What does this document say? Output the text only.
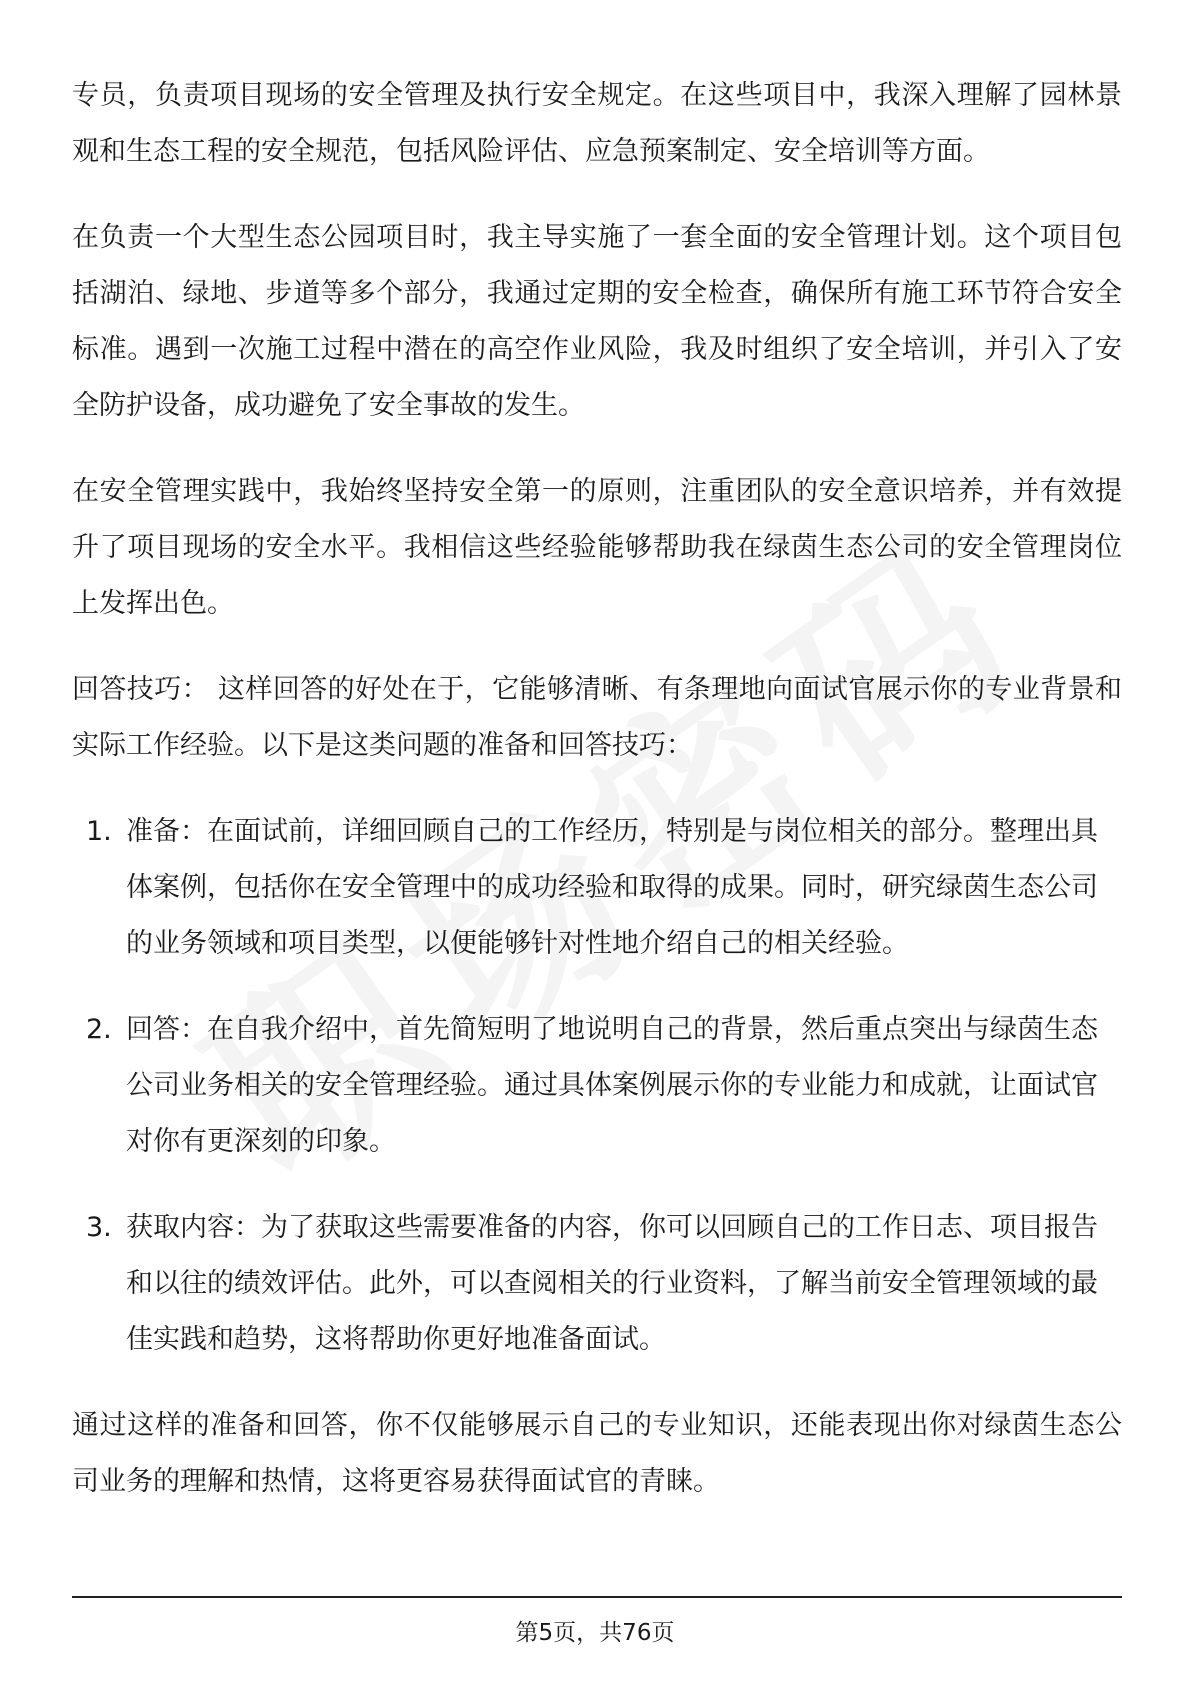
专员，负责项目现场的安全管理及执行安全规定。在这些项目中，我深入理解了园林景观和生态工程的安全规范，包括风险评估、应急预案制定、安全培训等方面。

在负责一个大型生态公园项目时，我主导实施了一套全面的安全管理计划。这个项目包括湖泊、绿地、步道等多个部分，我通过定期的安全检查，确保所有施工环节符合安全标准。遇到一次施工过程中潜在的高空作业风险，我及时组织了安全培训，并引入了安全防护设备，成功避免了安全事故的发生。

在安全管理实践中，我始终坚持安全第一的原则，注重团队的安全意识培养，并有效提升了项目现场的安全水平。我相信这些经验能够帮助我在绿茵生态公司的安全管理岗位上发挥出色。

回答技巧： 这样回答的好处在于，它能够清晰、有条理地向面试官展示你的专业背景和实际工作经验。以下是这类问题的准备和回答技巧：

1. 准备：在面试前，详细回顾自己的工作经历，特别是与岗位相关的部分。整理出具体案例，包括你在安全管理中的成功经验和取得的成果。同时，研究绿茵生态公司的业务领域和项目类型，以便能够针对性地介绍自己的相关经验。
2. 回答：在自我介绍中，首先简短明了地说明自己的背景，然后重点突出与绿茵生态公司业务相关的安全管理经验。通过具体案例展示你的专业能力和成就，让面试官对你有更深刻的印象。
3. 获取内容：为了获取这些需要准备的内容，你可以回顾自己的工作日志、项目报告和以往的绩效评估。此外，可以查阅相关的行业资料，了解当前安全管理领域的最佳实践和趋势，这将帮助你更好地准备面试。

通过这样的准备和回答，你不仅能够展示自己的专业知识，还能表现出你对绿茵生态公司业务的理解和热情，这将更容易获得面试官的青睐。

第5页，共76页
